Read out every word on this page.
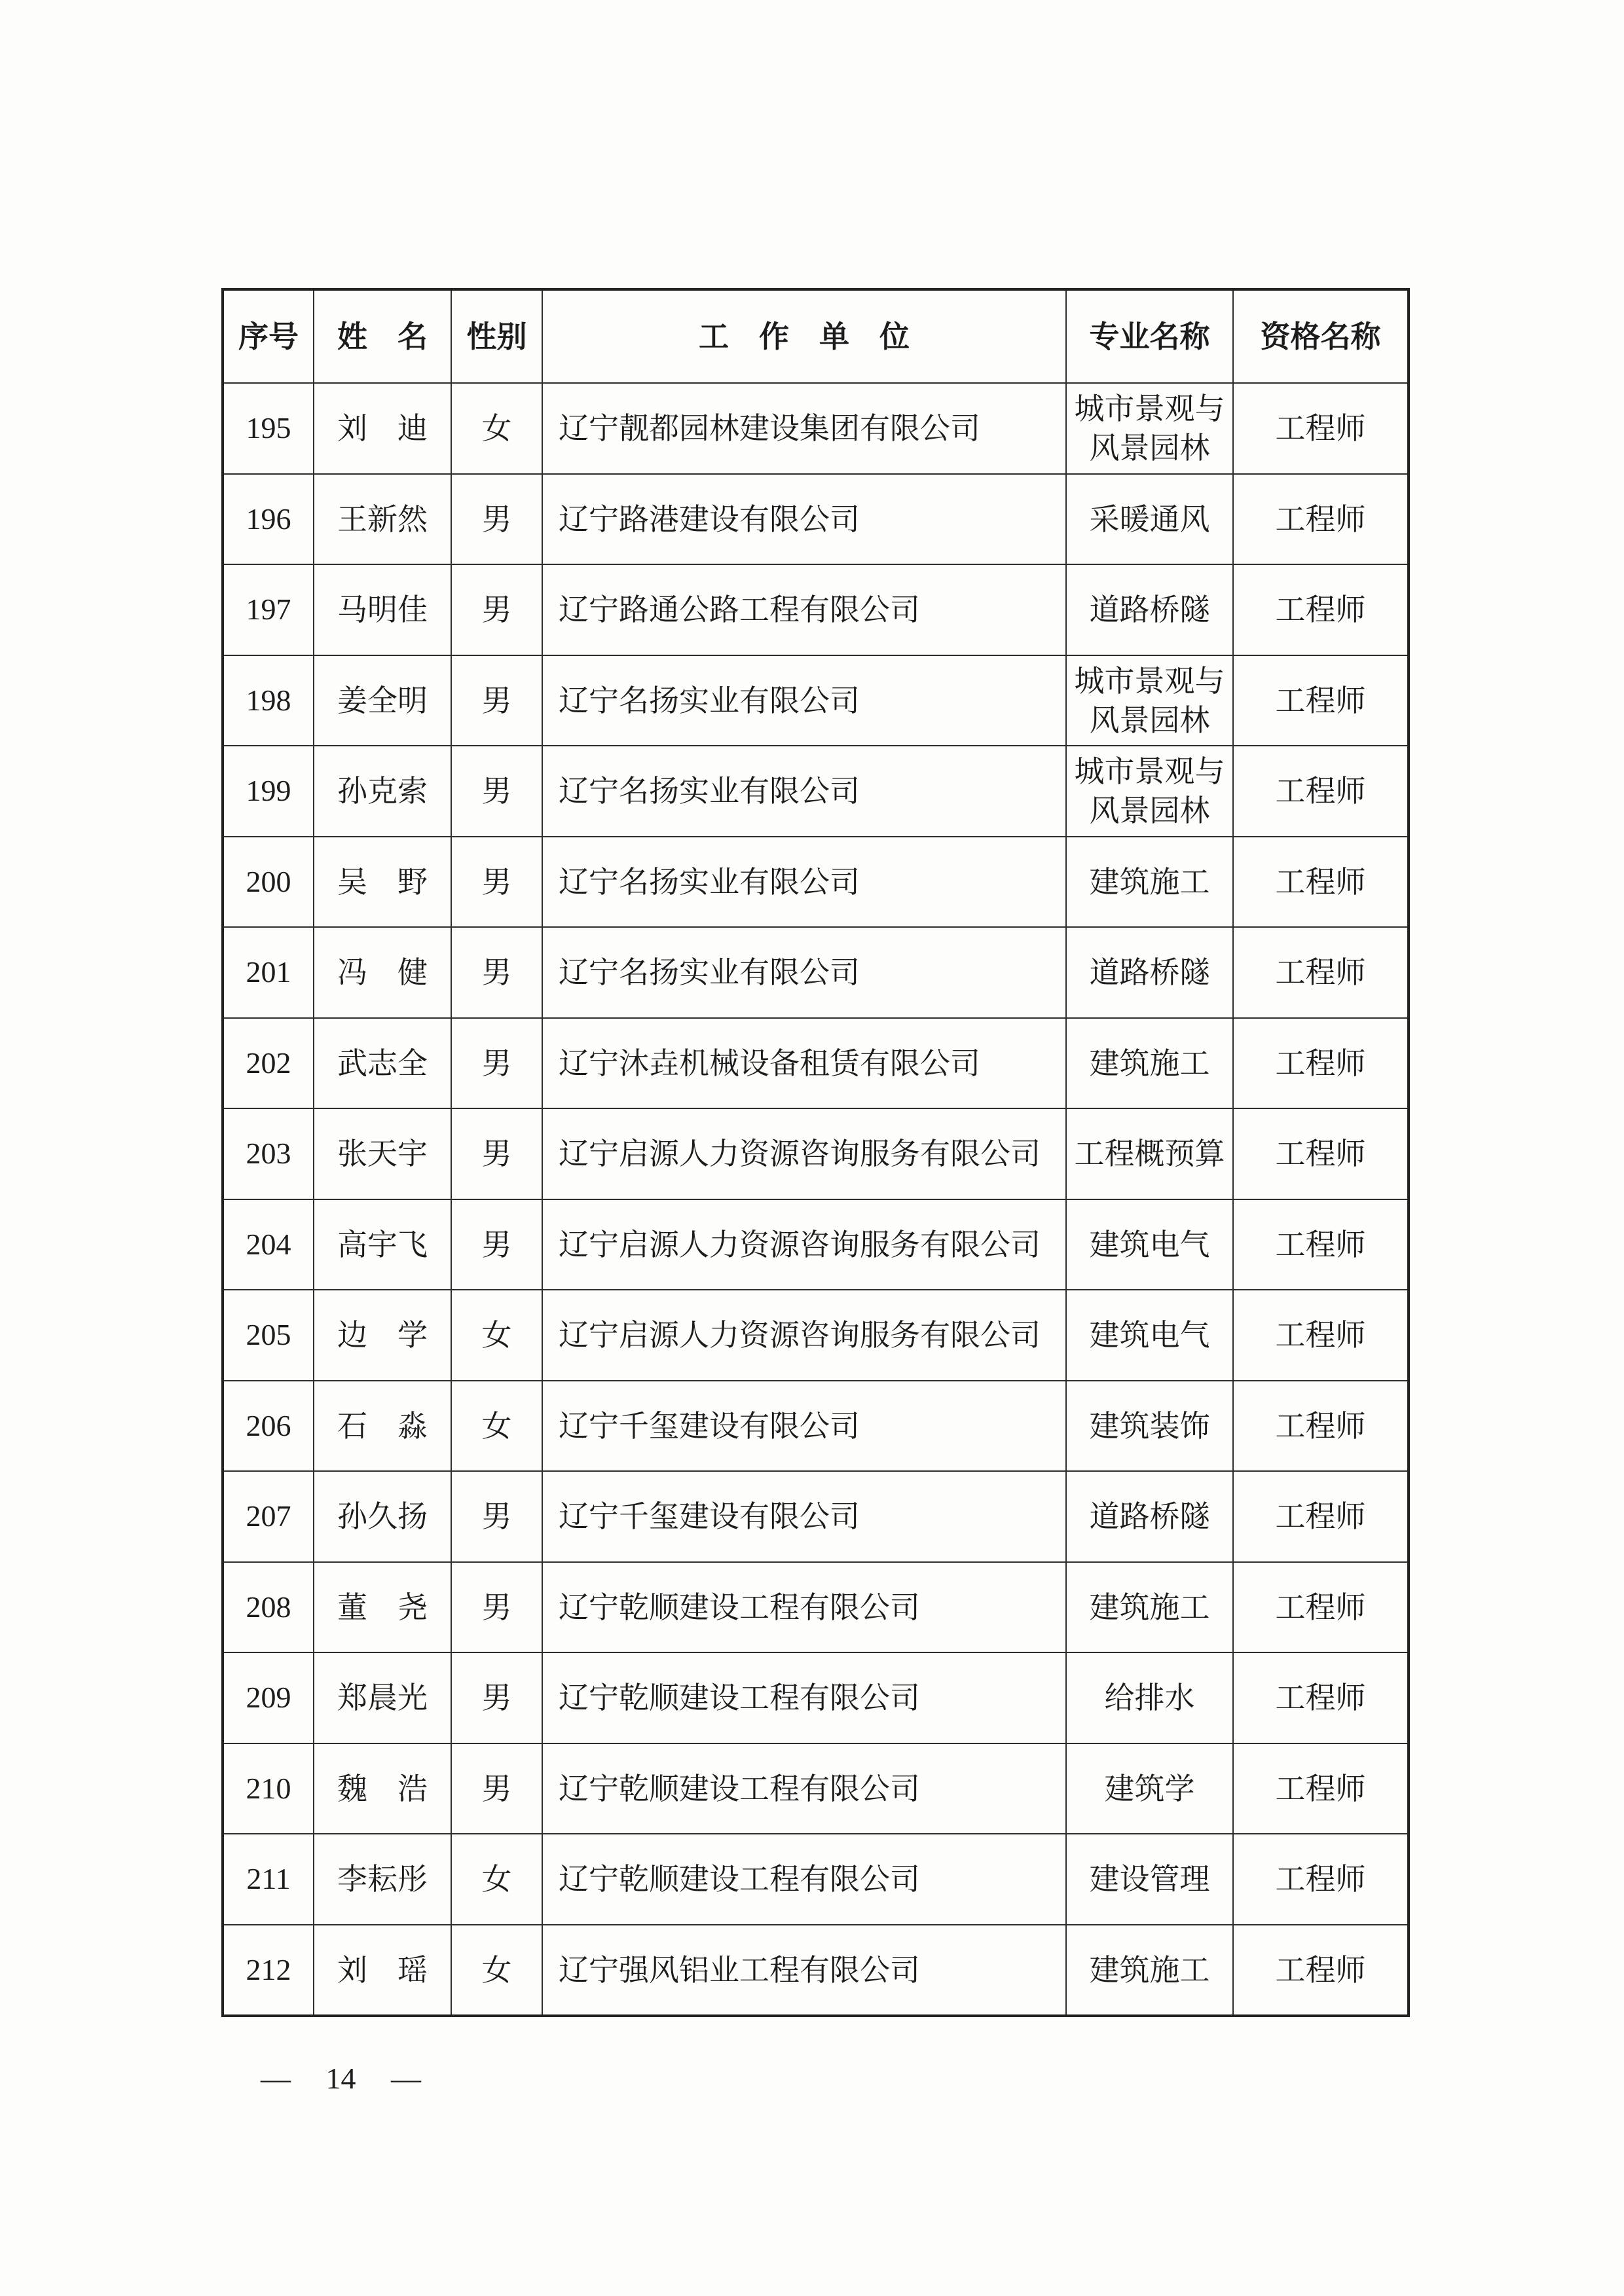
序号	姓　名	性别	工　作　单　位	专业名称	资格名称
195	刘　迪	女	辽宁靓都园林建设集团有限公司	城市景观与风景园林	工程师
196	王新然	男	辽宁路港建设有限公司	采暖通风	工程师
197	马明佳	男	辽宁路通公路工程有限公司	道路桥隧	工程师
198	姜全明	男	辽宁名扬实业有限公司	城市景观与风景园林	工程师
199	孙克索	男	辽宁名扬实业有限公司	城市景观与风景园林	工程师
200	吴　野	男	辽宁名扬实业有限公司	建筑施工	工程师
201	冯　健	男	辽宁名扬实业有限公司	道路桥隧	工程师
202	武志全	男	辽宁沐垚机械设备租赁有限公司	建筑施工	工程师
203	张天宇	男	辽宁启源人力资源咨询服务有限公司	工程概预算	工程师
204	高宇飞	男	辽宁启源人力资源咨询服务有限公司	建筑电气	工程师
205	边　学	女	辽宁启源人力资源咨询服务有限公司	建筑电气	工程师
206	石　淼	女	辽宁千玺建设有限公司	建筑装饰	工程师
207	孙久扬	男	辽宁千玺建设有限公司	道路桥隧	工程师
208	董　尧	男	辽宁乾顺建设工程有限公司	建筑施工	工程师
209	郑晨光	男	辽宁乾顺建设工程有限公司	给排水	工程师
210	魏　浩	男	辽宁乾顺建设工程有限公司	建筑学	工程师
211	李耘彤	女	辽宁乾顺建设工程有限公司	建设管理	工程师
212	刘　瑶	女	辽宁强风铝业工程有限公司	建筑施工	工程师
— 14 —
